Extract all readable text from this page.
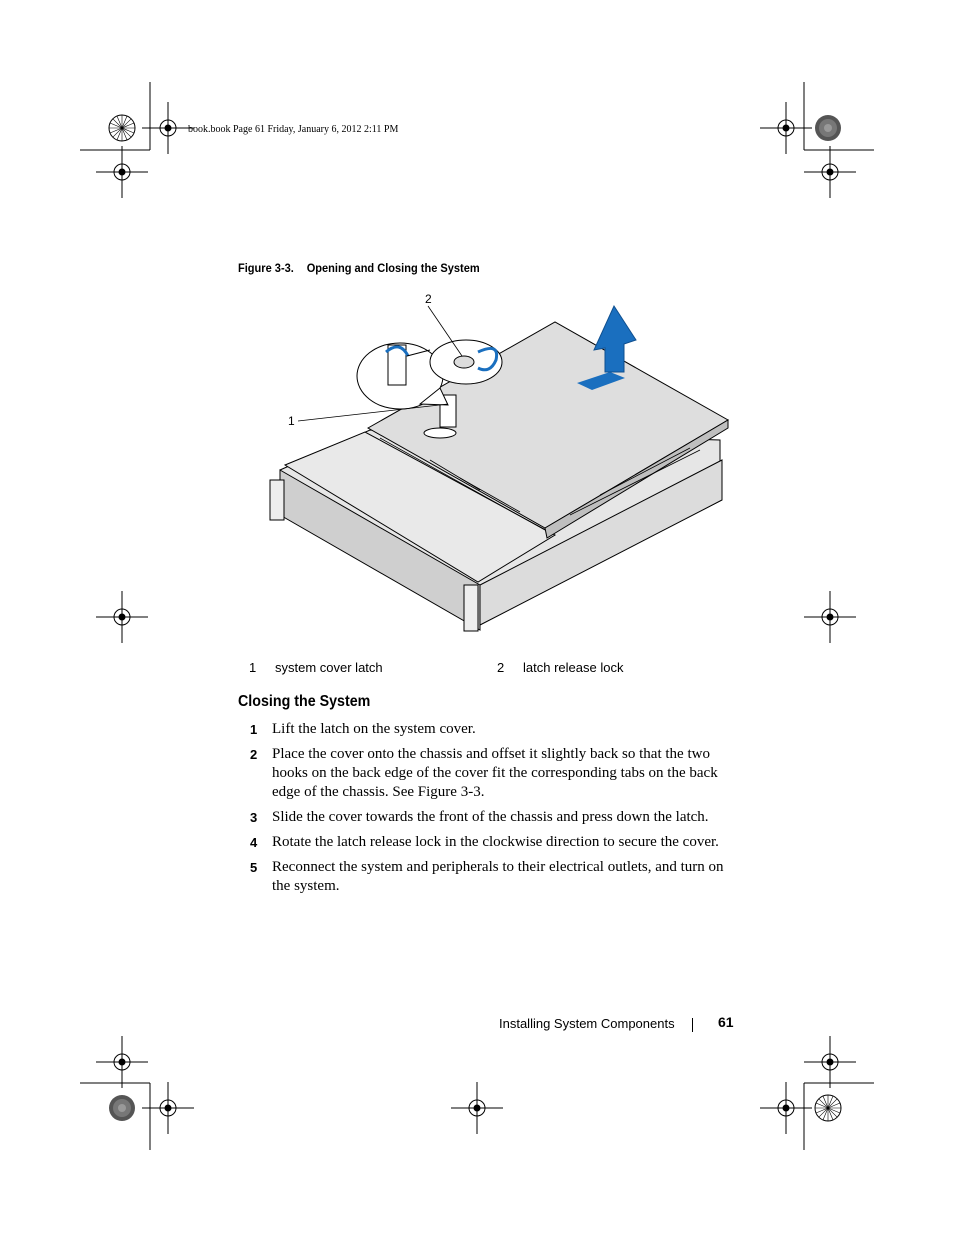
2
1
book.book Page 61 Friday, January 6, 2012 2:11 PM
Figure 3-3. Opening and Closing the System
1 system cover latch	2 latch release lock
Closing the System
1 Lift the latch on the system cover.
2 Place the cover onto the chassis and offset it slightly back so that the two hooks on the back edge of the cover fit the corresponding tabs on the back edge of the chassis. See Figure 3-3.
3 Slide the cover towards the front of the chassis and press down the latch.
4 Rotate the latch release lock in the clockwise direction to secure the cover.
5 Reconnect the system and peripherals to their electrical outlets, and turn on the system.
Installing System Components	61
